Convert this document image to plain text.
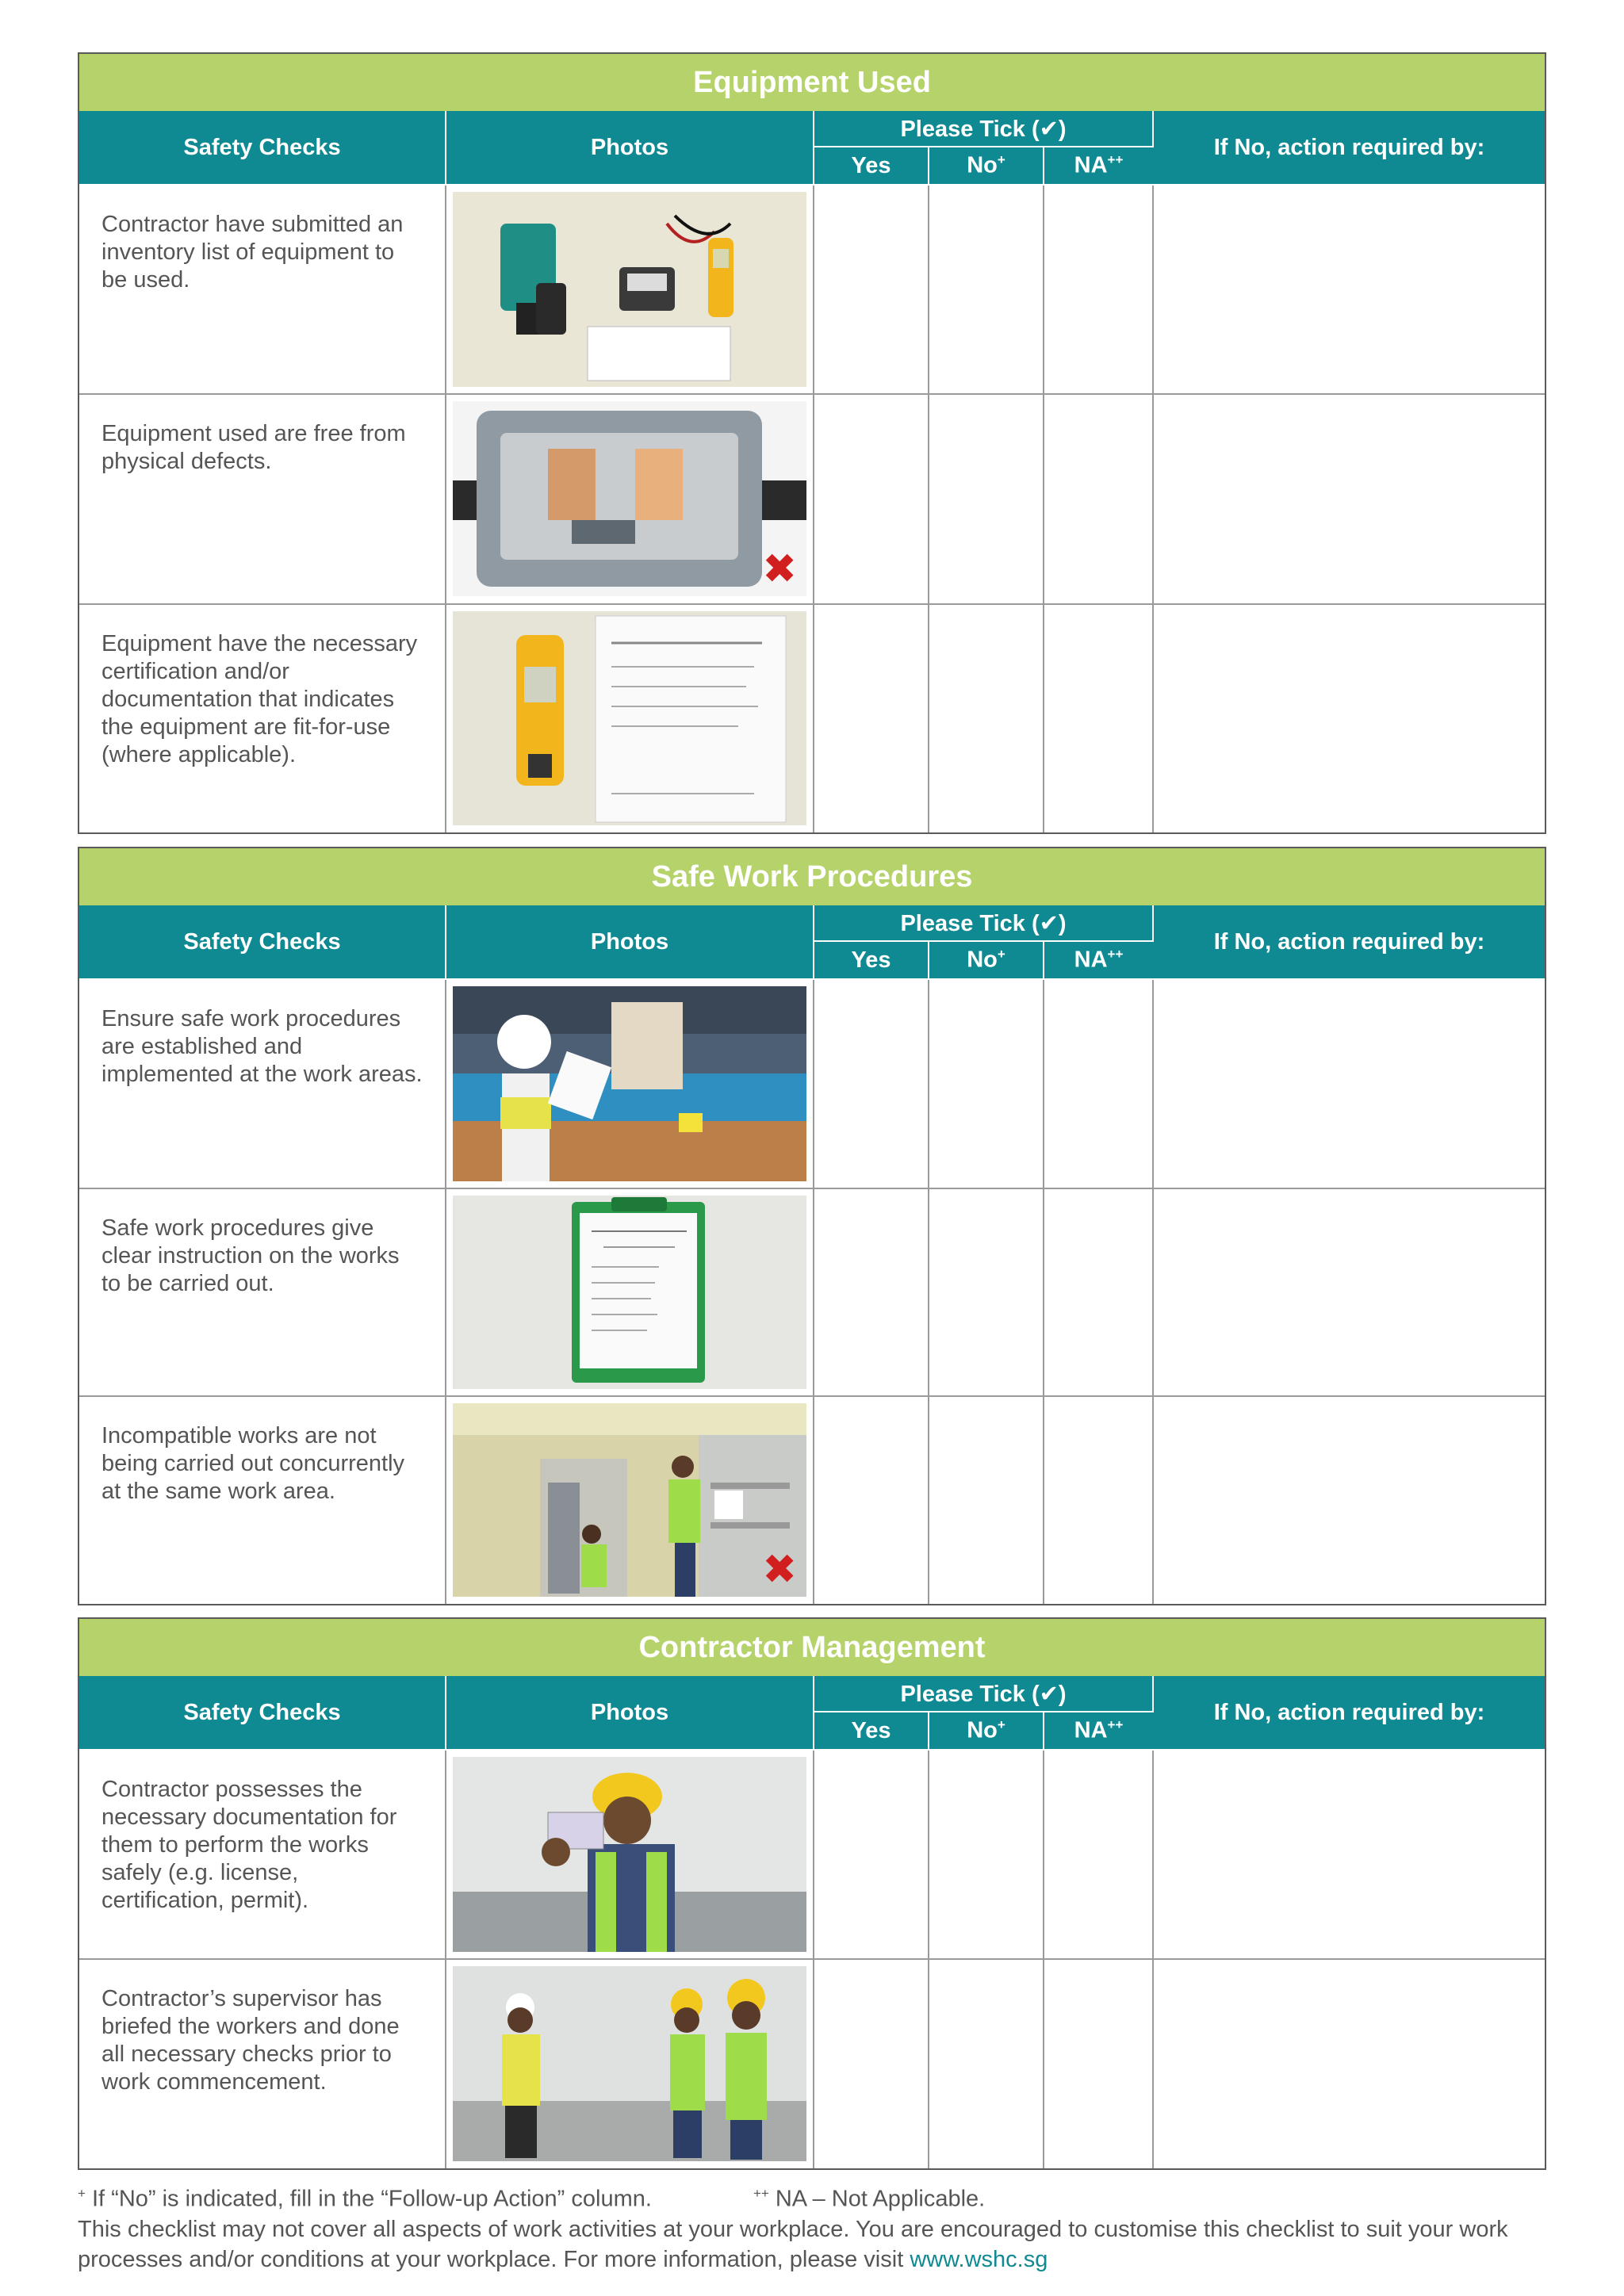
Equipment Used
Safety Checks	Photos	Please Tick (✔)			If No, action required by:
		Yes	No+	NA++
Contractor have submitted an inventory list of equipment to be used.	

Equipment used are free from physical defects.	✖				

Equipment have the necessary certification and/or documentation that indicates the equipment are fit-for-use (where applicable).	

Safe Work Procedures
Safety Checks	Photos	Please Tick (✔)			If No, action required by:
		Yes	No+	NA++
Ensure safe work procedures are established and implemented at the work areas.	

Safe work procedures give clear instruction on the works to be carried out.	

Incompatible works are not being carried out concurrently at the same work area.	✖				

Contractor Management
Safety Checks	Photos	Please Tick (✔)			If No, action required by:
		Yes	No+	NA++
Contractor possesses the necessary documentation for them to perform the works safely (e.g. license, certification, permit).	

Contractor’s supervisor has briefed the workers and done all necessary checks prior to work commencement.	

+ If “No” is indicated, fill in the “Follow-up Action” column.	++ NA – Not Applicable.
This checklist may not cover all aspects of work activities at your workplace. You are encouraged to customise this checklist to suit your work processes and/or conditions at your workplace. For more information, please visit www.wshc.sg
